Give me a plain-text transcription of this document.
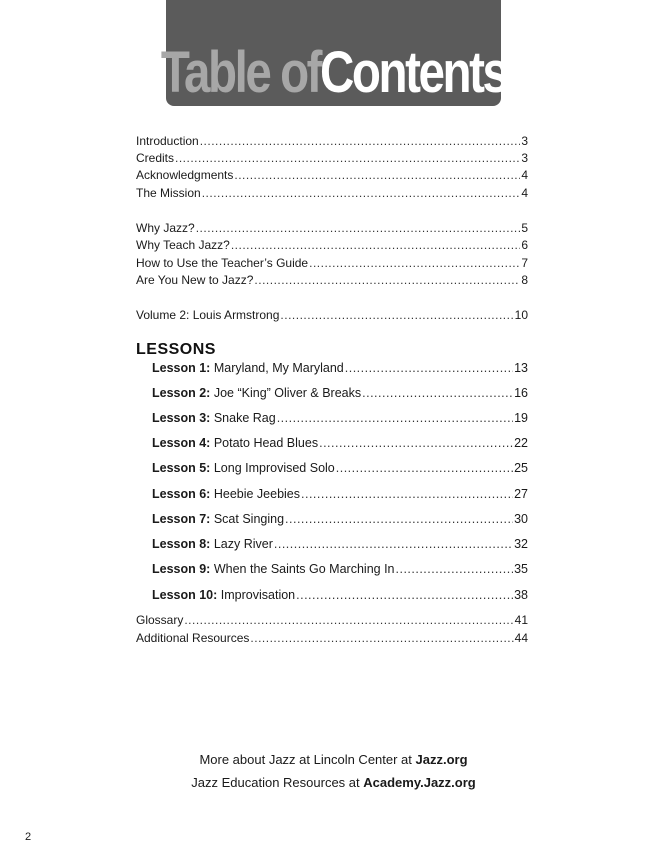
Table ofContents
Introduction .....	3
Credits .....	3
Acknowledgments .....	4
The Mission .....	4
Why Jazz? .....	5
Why Teach Jazz? .....	6
How to Use the Teacher’s Guide .....	7
Are You New to Jazz? .....	8
Volume 2: Louis Armstrong .....	10
LESSONS
Lesson 1: Maryland, My Maryland .....	13
Lesson 2: Joe “King” Oliver & Breaks .....	16
Lesson 3: Snake Rag .....	19
Lesson 4: Potato Head Blues .....	22
Lesson 5: Long Improvised Solo .....	25
Lesson 6: Heebie Jeebies .....	27
Lesson 7: Scat Singing .....	30
Lesson 8: Lazy River .....	32
Lesson 9: When the Saints Go Marching In .....	35
Lesson 10: Improvisation .....	38
Glossary .....	41
Additional Resources .....	44
More about Jazz at Lincoln Center at Jazz.org
Jazz Education Resources at Academy.Jazz.org
2
